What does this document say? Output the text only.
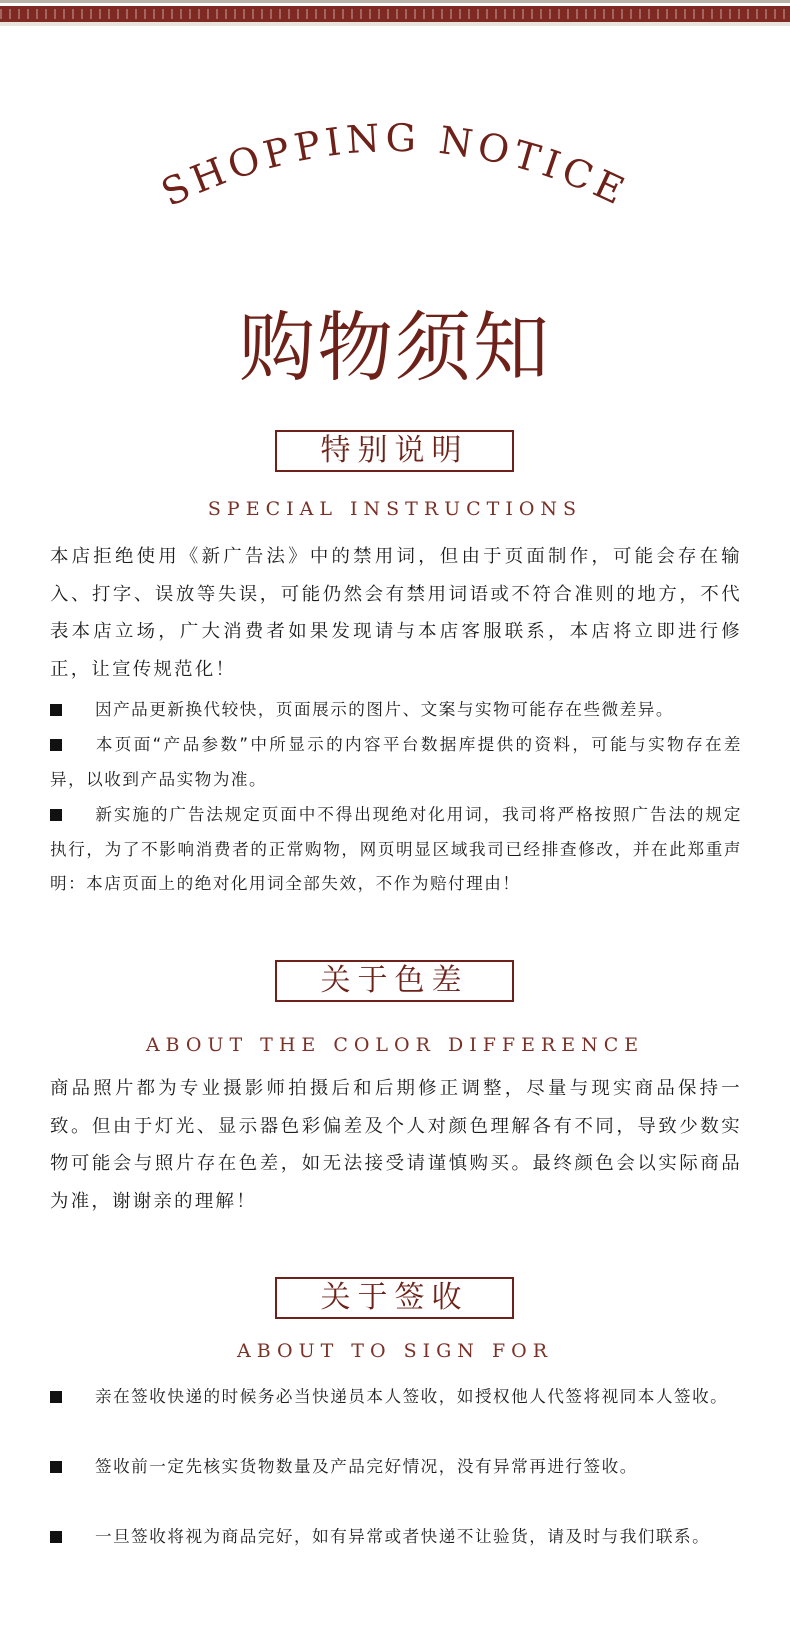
SHOPPING NOTICE
购物须知
特别说明
SPECIAL INSTRUCTIONS
本店拒绝使用《新广告法》中的禁用词，但由于页面制作，可能会存在输入、打字、误放等失误，可能仍然会有禁用词语或不符合准则的地方，不代表本店立场，广大消费者如果发现请与本店客服联系，本店将立即进行修正，让宣传规范化！
因产品更新换代较快，页面展示的图片、文案与实物可能存在些微差异。
本页面“产品参数”中所显示的内容平台数据库提供的资料，可能与实物存在差异，以收到产品实物为准。
新实施的广告法规定页面中不得出现绝对化用词，我司将严格按照广告法的规定执行，为了不影响消费者的正常购物，网页明显区域我司已经排查修改，并在此郑重声明：本店页面上的绝对化用词全部失效，不作为赔付理由！
关于色差
ABOUT THE COLOR DIFFERENCE
商品照片都为专业摄影师拍摄后和后期修正调整，尽量与现实商品保持一致。但由于灯光、显示器色彩偏差及个人对颜色理解各有不同，导致少数实物可能会与照片存在色差，如无法接受请谨慎购买。最终颜色会以实际商品为准，谢谢亲的理解！
关于签收
ABOUT TO SIGN FOR
亲在签收快递的时候务必当快递员本人签收，如授权他人代签将视同本人签收。
签收前一定先核实货物数量及产品完好情况，没有异常再进行签收。
一旦签收将视为商品完好，如有异常或者快递不让验货，请及时与我们联系。
